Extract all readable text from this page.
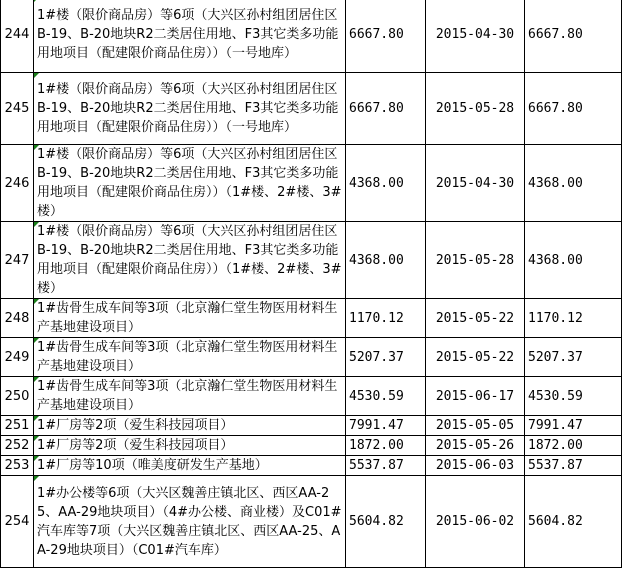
244	1#楼（限价商品房）等6项（大兴区孙村组团居住区B-19、B-20地块R2二类居住用地、F3其它类多功能用地项目（配建限价商品住房））（一号地库）	6667.80	2015-04-30	6667.80
245	1#楼（限价商品房）等6项（大兴区孙村组团居住区B-19、B-20地块R2二类居住用地、F3其它类多功能用地项目（配建限价商品住房））（一号地库）	6667.80	2015-05-28	6667.80
246	1#楼（限价商品房）等6项（大兴区孙村组团居住区B-19、B-20地块R2二类居住用地、F3其它类多功能用地项目（配建限价商品住房））（1#楼、2#楼、3#楼）	4368.00	2015-04-30	4368.00
247	1#楼（限价商品房）等6项（大兴区孙村组团居住区B-19、B-20地块R2二类居住用地、F3其它类多功能用地项目（配建限价商品住房））（1#楼、2#楼、3#楼）	4368.00	2015-05-28	4368.00
248	1#齿骨生成车间等3项（北京瀚仁堂生物医用材料生产基地建设项目）	1170.12	2015-05-22	1170.12
249	1#齿骨生成车间等3项（北京瀚仁堂生物医用材料生产基地建设项目）	5207.37	2015-05-22	5207.37
250	1#齿骨生成车间等3项（北京瀚仁堂生物医用材料生产基地建设项目）	4530.59	2015-06-17	4530.59
251	1#厂房等2项（爱生科技园项目）	7991.47	2015-05-05	7991.47
252	1#厂房等2项（爱生科技园项目）	1872.00	2015-05-26	1872.00
253	1#厂房等10项（唯美度研发生产基地）	5537.87	2015-06-03	5537.87
254	1#办公楼等6项（大兴区魏善庄镇北区、西区AA-25、AA-29地块项目）（4#办公楼、商业楼）及C01#汽车库等7项（大兴区魏善庄镇北区、西区AA-25、AA-29地块项目）（C01#汽车库）	5604.82	2015-06-02	5604.82
